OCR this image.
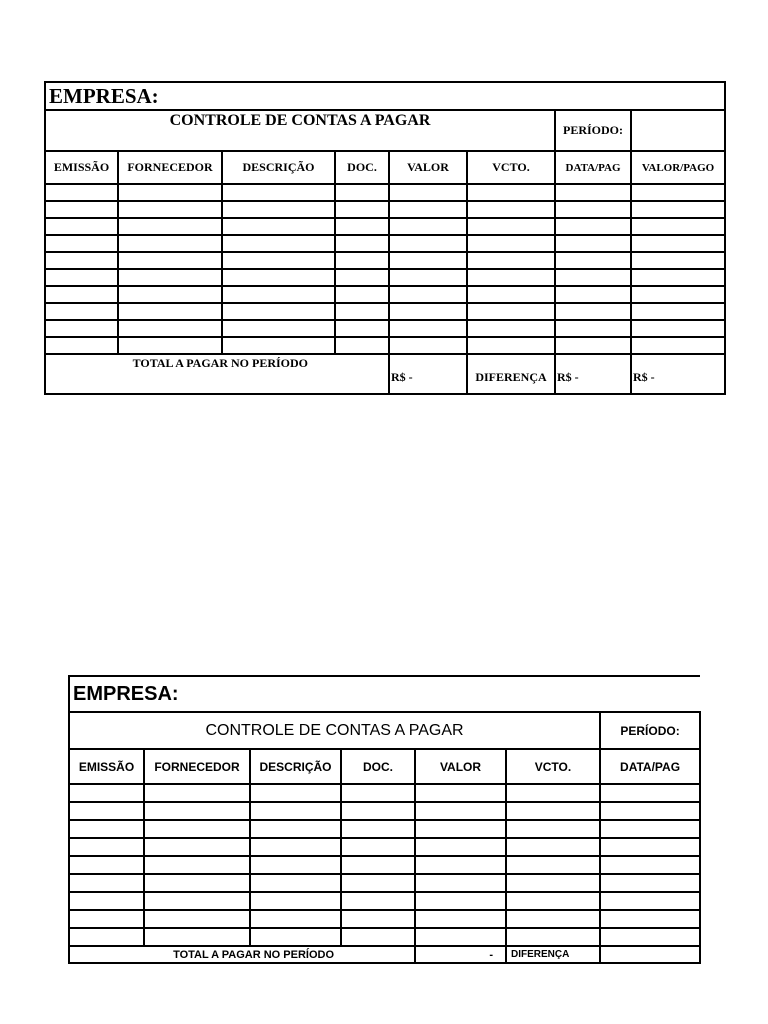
EMPRESA:							
CONTROLE DE CONTAS A PAGAR						PERÍODO:	
EMISSÃO	FORNECEDOR	DESCRIÇÃO	DOC.	VALOR	VCTO.	DATA/PAG	VALOR/PAGO

TOTAL A PAGAR NO PERÍODO				R$ -	DIFERENÇA	R$ -	R$ -
EMPRESA:						
CONTROLE DE CONTAS A PAGAR						PERÍODO:
EMISSÃO	FORNECEDOR	DESCRIÇÃO	DOC.	VALOR	VCTO.	DATA/PAG

TOTAL A PAGAR NO PERÍODO				-	DIFERENÇA	
